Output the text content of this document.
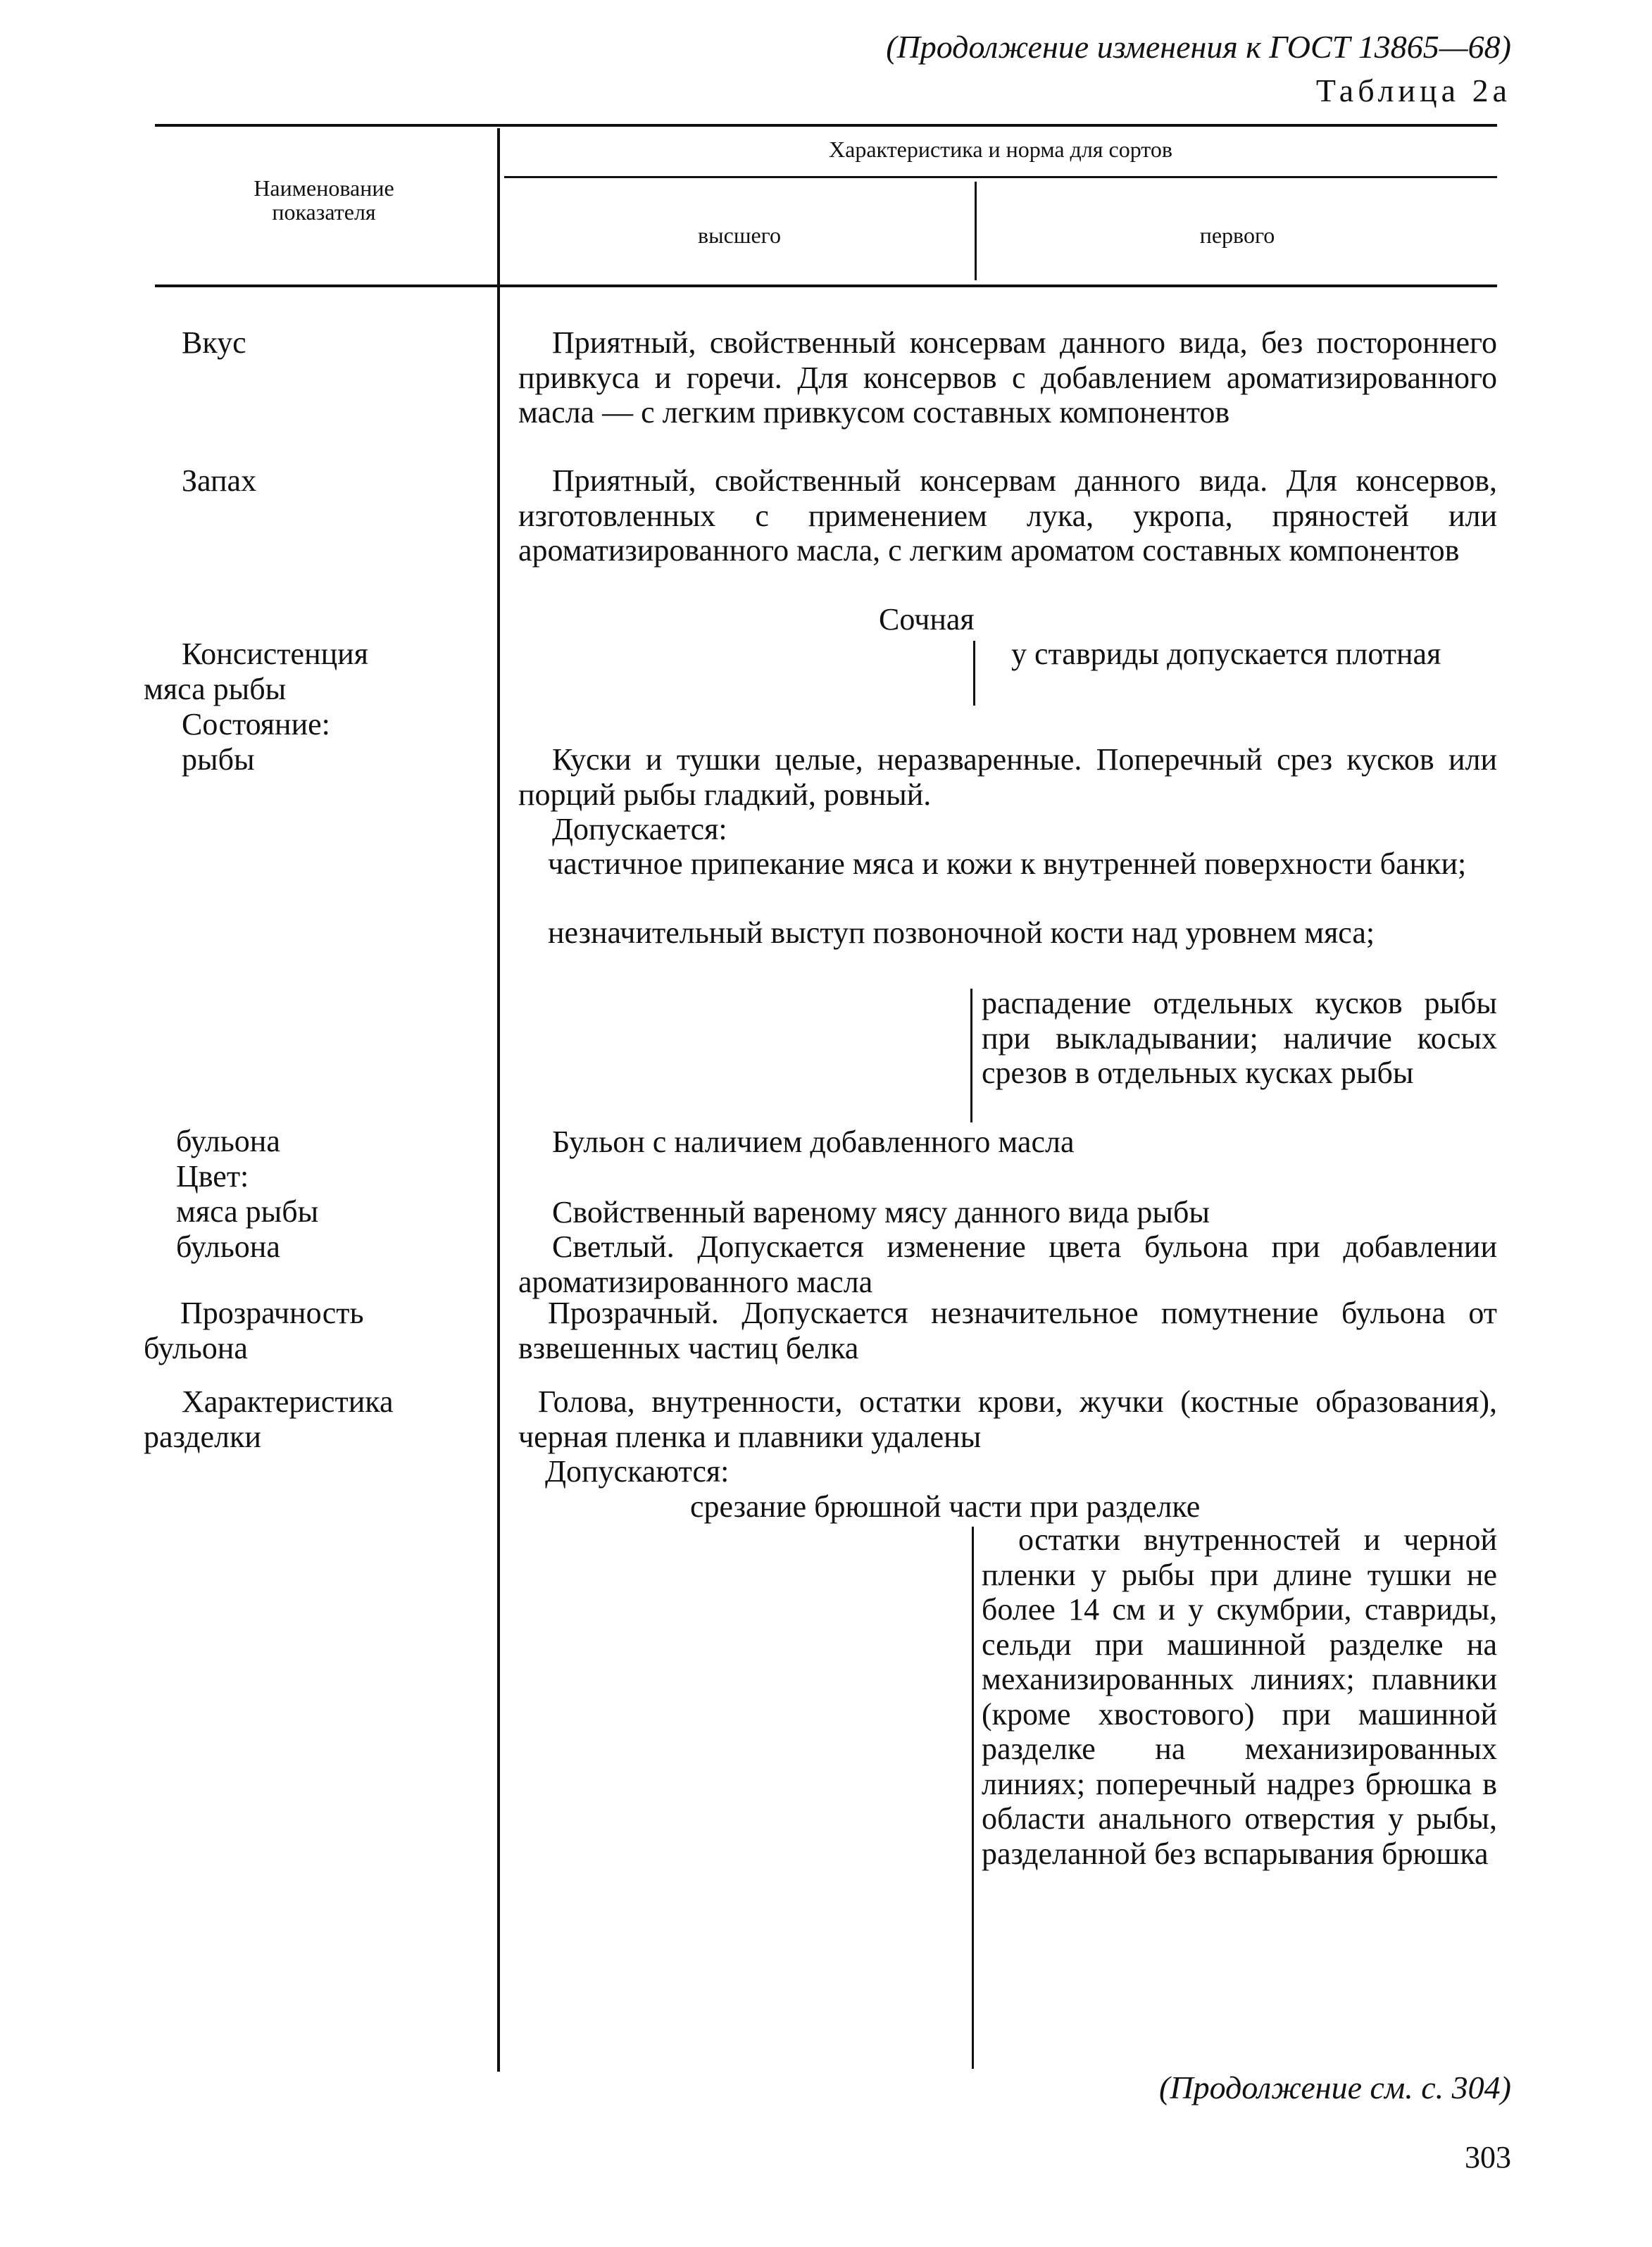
(Продолжение изменения к ГОСТ 13865—68)
Таблица 2а
Наименование показателя
Характеристика и норма для сортов
высшего	первого
Вкус
Запах
Консистенция
мяса рыбы
Состояние:
рыбы
бульона
Цвет:
мяса рыбы
бульона
Прозрачность
бульона
Характеристика
разделки
Приятный, свойственный консервам данного вида, без постороннего привкуса и горечи. Для консервов с добавлением ароматизированного масла — с легким привкусом составных компонентов
Приятный, свойственный консервам данного вида. Для консервов, изготовленных с применением лука, укропа, пряностей или ароматизированного масла, с легким ароматом составных компонентов
Сочная
у ставриды допускается плотная
Куски и тушки целые, неразваренные. Поперечный срез кусков или порций рыбы гладкий, ровный.
Допускается:
частичное припекание мяса и кожи к внутренней поверхности банки;
незначительный выступ позвоночной кости над уровнем мяса;
распадение отдельных кусков рыбы при выкладывании; наличие косых срезов в отдельных кусках рыбы
Бульон с наличием добавленного масла
Свойственный вареному мясу данного вида рыбы
Светлый. Допускается изменение цвета бульона при добавлении ароматизированного масла
Прозрачный. Допускается незначительное помутнение бульона от взвешенных частиц белка
Голова, внутренности, остатки крови, жучки (костные образования), черная пленка и плавники удалены
Допускаются:
срезание брюшной части при разделке
остатки внутренностей и черной пленки у рыбы при длине тушки не более 14 см и у скумбрии, ставриды, сельди при машинной разделке на механизированных линиях; плавники (кроме хвостового) при машинной разделке на механизированных линиях; поперечный надрез брюшка в области анального отверстия у рыбы, разделанной без вспарывания брюшка
(Продолжение см. с. 304)
303
